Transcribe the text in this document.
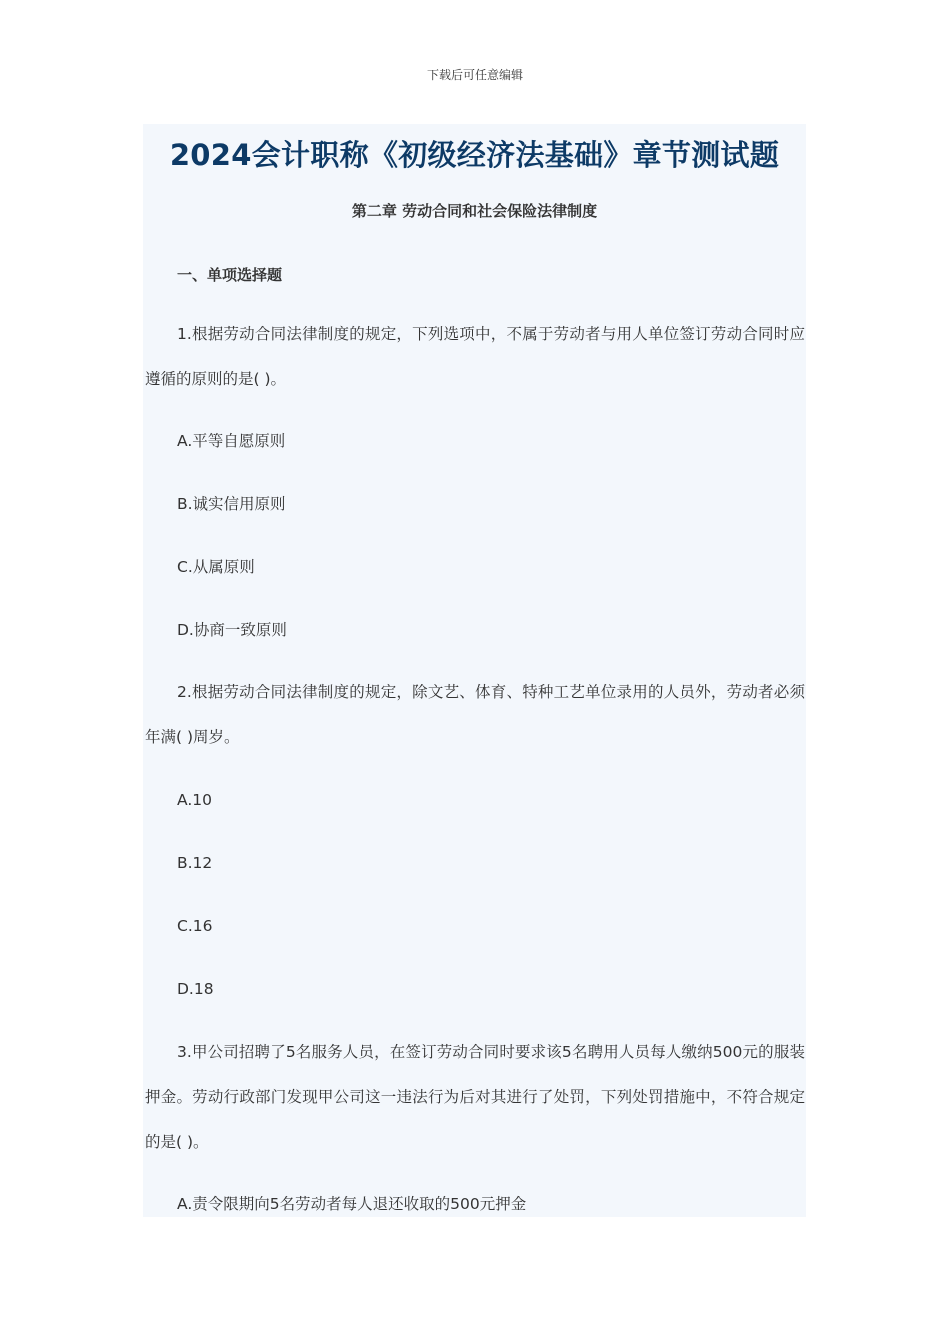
下载后可任意编辑
2024会计职称《初级经济法基础》章节测试题
第二章 劳动合同和社会保险法律制度
一、单项选择题

1.根据劳动合同法律制度的规定，下列选项中，不属于劳动者与用人单位签订劳动合同时应遵循的原则的是( )。

A.平等自愿原则
B.诚实信用原则
C.从属原则
D.协商一致原则

2.根据劳动合同法律制度的规定，除文艺、体育、特种工艺单位录用的人员外，劳动者必须年满( )周岁。

A.10
B.12
C.16
D.18

3.甲公司招聘了5名服务人员，在签订劳动合同时要求该5名聘用人员每人缴纳500元的服装押金。劳动行政部门发现甲公司这一违法行为后对其进行了处罚，下列处罚措施中，不符合规定的是( )。

A.责令限期向5名劳动者每人退还收取的500元押金
